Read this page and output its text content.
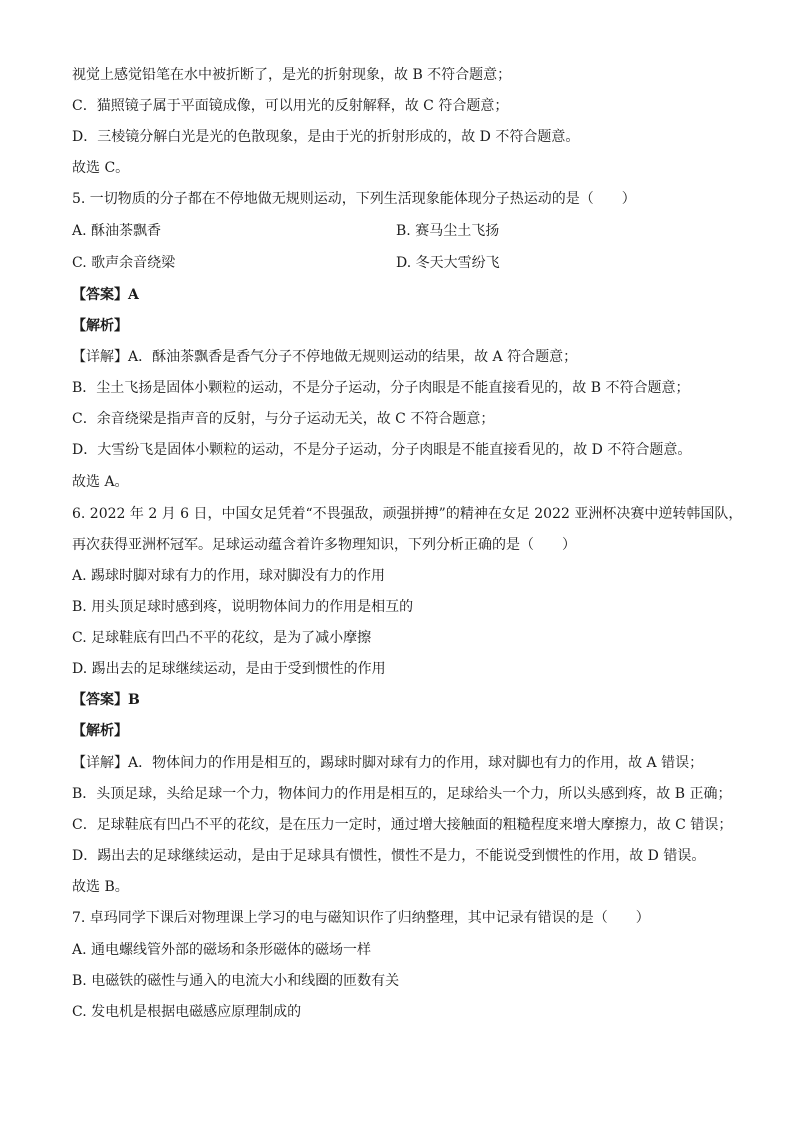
视觉上感觉铅笔在水中被折断了，是光的折射现象，故 B 不符合题意；
C．猫照镜子属于平面镜成像，可以用光的反射解释，故 C 符合题意；
D．三棱镜分解白光是光的色散现象，是由于光的折射形成的，故 D 不符合题意。
故选 C。
5. 一切物质的分子都在不停地做无规则运动，下列生活现象能体现分子热运动的是（　　）
A. 酥油茶飘香	B. 赛马尘土飞扬
C. 歌声余音绕梁	D. 冬天大雪纷飞
【答案】A
【解析】
【详解】A．酥油茶飘香是香气分子不停地做无规则运动的结果，故 A 符合题意；
B．尘土飞扬是固体小颗粒的运动，不是分子运动，分子肉眼是不能直接看见的，故 B 不符合题意；
C．余音绕梁是指声音的反射，与分子运动无关，故 C 不符合题意；
D．大雪纷飞是固体小颗粒的运动，不是分子运动，分子肉眼是不能直接看见的，故 D 不符合题意。
故选 A。
6. 2022 年 2 月 6 日，中国女足凭着“不畏强敌，顽强拼搏”的精神在女足 2022 亚洲杯决赛中逆转韩国队，
再次获得亚洲杯冠军。足球运动蕴含着许多物理知识，下列分析正确的是（　　）
A. 踢球时脚对球有力的作用，球对脚没有力的作用
B. 用头顶足球时感到疼，说明物体间力的作用是相互的
C. 足球鞋底有凹凸不平的花纹，是为了减小摩擦
D. 踢出去的足球继续运动，是由于受到惯性的作用
【答案】B
【解析】
【详解】A．物体间力的作用是相互的，踢球时脚对球有力的作用，球对脚也有力的作用，故 A 错误；
B．头顶足球，头给足球一个力，物体间力的作用是相互的，足球给头一个力，所以头感到疼，故 B 正确；
C．足球鞋底有凹凸不平的花纹，是在压力一定时，通过增大接触面的粗糙程度来增大摩擦力，故 C 错误；
D．踢出去的足球继续运动，是由于足球具有惯性，惯性不是力，不能说受到惯性的作用，故 D 错误。
故选 B。
7. 卓玛同学下课后对物理课上学习的电与磁知识作了归纳整理，其中记录有错误的是（　　）
A. 通电螺线管外部的磁场和条形磁体的磁场一样
B. 电磁铁的磁性与通入的电流大小和线圈的匝数有关
C. 发电机是根据电磁感应原理制成的
